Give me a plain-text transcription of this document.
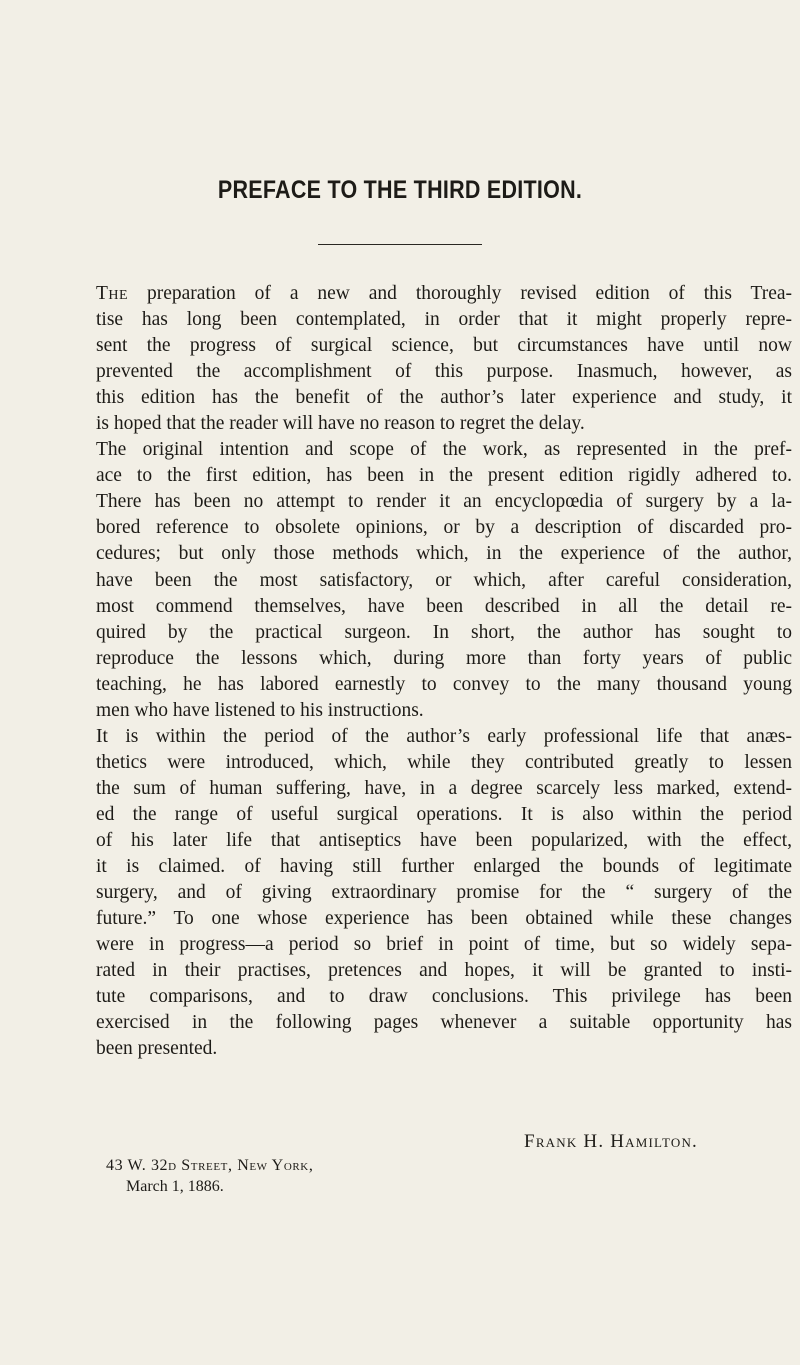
PREFACE TO THE THIRD EDITION.
The preparation of a new and thoroughly revised edition of this Trea-
tise has long been contemplated, in order that it might properly repre-
sent the progress of surgical science, but circumstances have until now
prevented the accomplishment of this purpose. Inasmuch, however, as
this edition has the benefit of the author’s later experience and study, it
is hoped that the reader will have no reason to regret the delay.
The original intention and scope of the work, as represented in the pref-
ace to the first edition, has been in the present edition rigidly adhered to.
There has been no attempt to render it an encyclopœdia of surgery by a la-
bored reference to obsolete opinions, or by a description of discarded pro-
cedures; but only those methods which, in the experience of the author,
have been the most satisfactory, or which, after careful consideration,
most commend themselves, have been described in all the detail re-
quired by the practical surgeon. In short, the author has sought to
reproduce the lessons which, during more than forty years of public
teaching, he has labored earnestly to convey to the many thousand young
men who have listened to his instructions.
It is within the period of the author’s early professional life that anæs-
thetics were introduced, which, while they contributed greatly to lessen
the sum of human suffering, have, in a degree scarcely less marked, extend-
ed the range of useful surgical operations. It is also within the period
of his later life that antiseptics have been popularized, with the effect,
it is claimed. of having still further enlarged the bounds of legitimate
surgery, and of giving extraordinary promise for the “ surgery of the
future.” To one whose experience has been obtained while these changes
were in progress—a period so brief in point of time, but so widely sepa-
rated in their practises, pretences and hopes, it will be granted to insti-
tute comparisons, and to draw conclusions. This privilege has been
exercised in the following pages whenever a suitable opportunity has
been presented.
Frank H. Hamilton.
43 W. 32d Street, New York,
March 1, 1886.
